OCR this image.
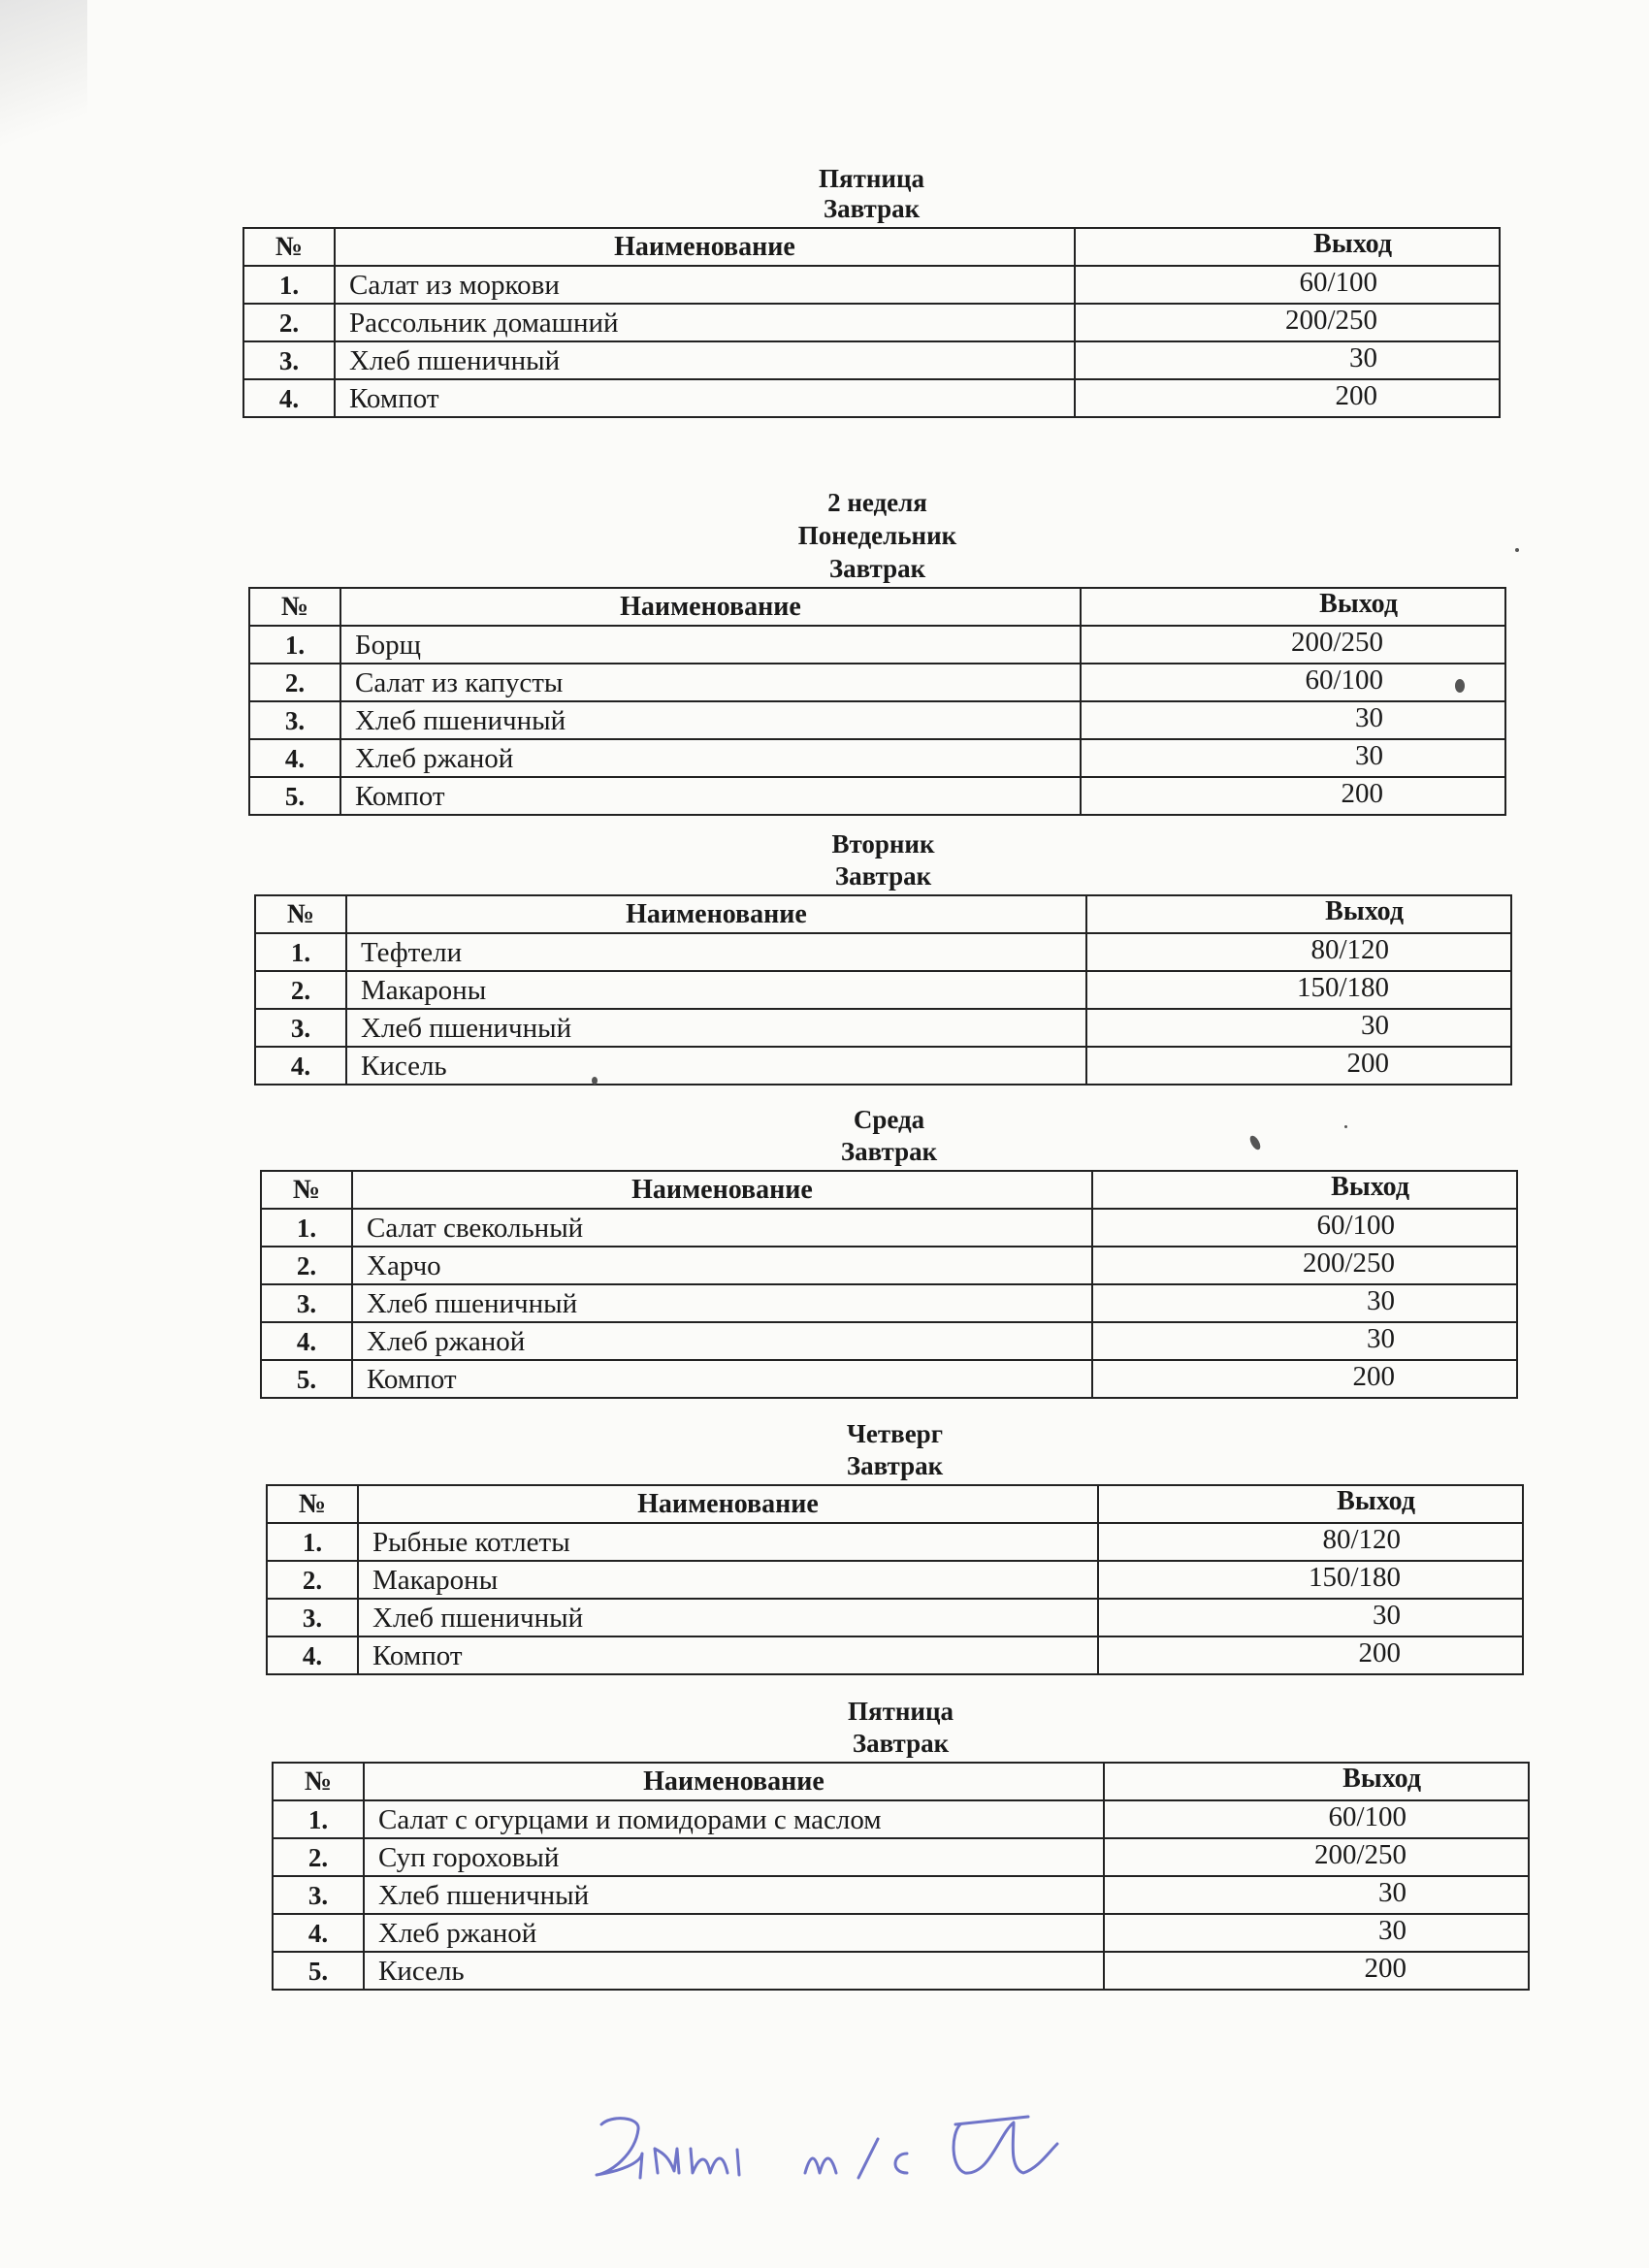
Пятница
Завтрак
№	Наименование	Выход
1.	Салат из моркови	60/100
2.	Рассольник домашний	200/250
3.	Хлеб пшеничный	30
4.	Компот	200
2 неделя
Понедельник
Завтрак
№	Наименование	Выход
1.	Борщ	200/250
2.	Салат из капусты	60/100
3.	Хлеб пшеничный	30
4.	Хлеб ржаной	30
5.	Компот	200
Вторник
Завтрак
№	Наименование	Выход
1.	Тефтели	80/120
2.	Макароны	150/180
3.	Хлеб пшеничный	30
4.	Кисель	200
Среда
Завтрак
№	Наименование	Выход
1.	Салат свекольный	60/100
2.	Харчо	200/250
3.	Хлеб пшеничный	30
4.	Хлеб ржаной	30
5.	Компот	200
Четверг
Завтрак
№	Наименование	Выход
1.	Рыбные котлеты	80/120
2.	Макароны	150/180
3.	Хлеб пшеничный	30
4.	Компот	200
Пятница
Завтрак
№	Наименование	Выход
1.	Салат с огурцами и помидорами с маслом	60/100
2.	Суп гороховый	200/250
3.	Хлеб пшеничный	30
4.	Хлеб ржаной	30
5.	Кисель	200
